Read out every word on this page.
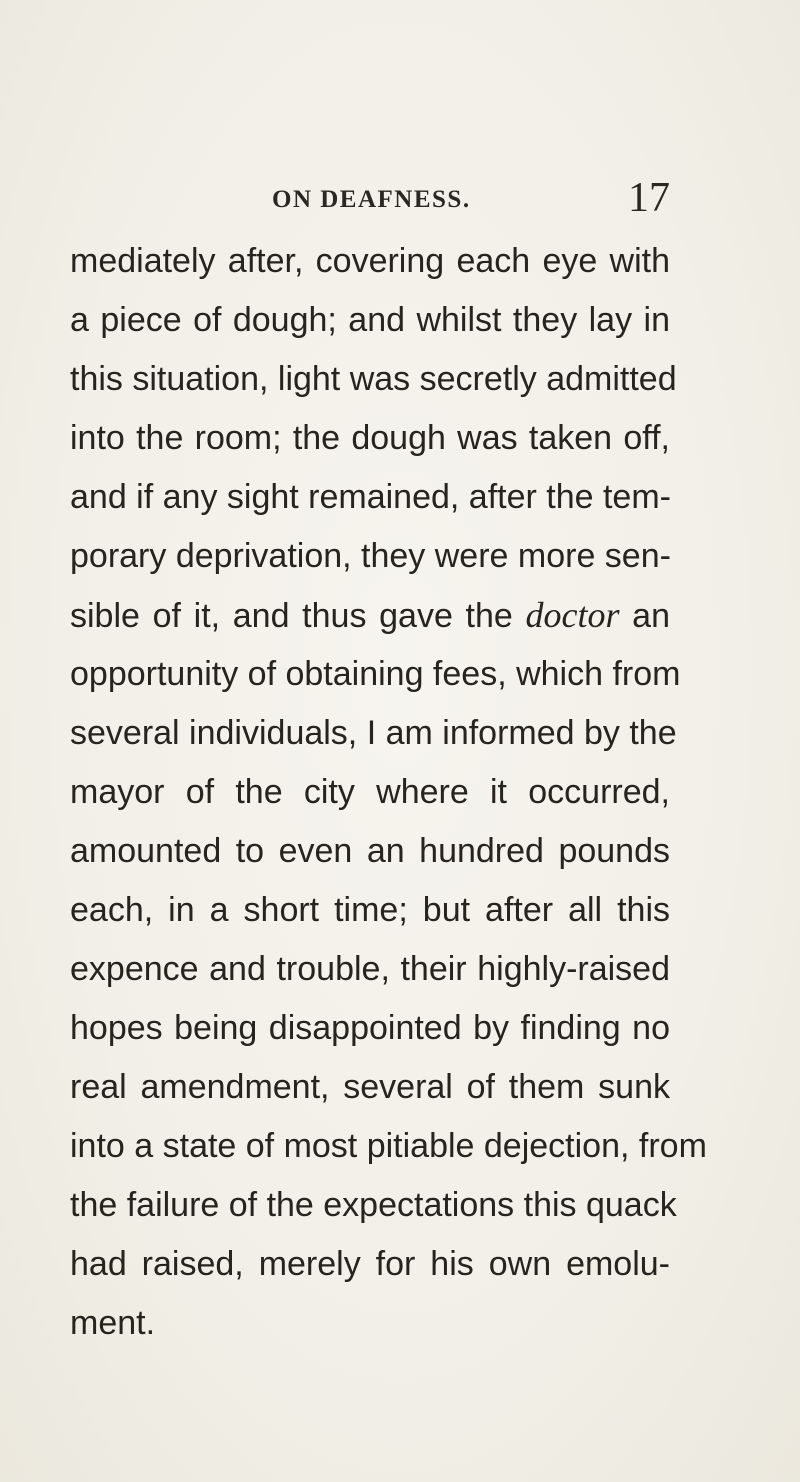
ON DEAFNESS.	17
mediately after, covering each eye with
a piece of dough; and whilst they lay in
this situation, light was secretly admitted
into the room; the dough was taken off,
and if any sight remained, after the tem-
porary deprivation, they were more sen-
sible of it, and thus gave the doctor an
opportunity of obtaining fees, which from
several individuals, I am informed by the
mayor of the city where it occurred,
amounted to even an hundred pounds
each, in a short time; but after all this
expence and trouble, their highly-raised
hopes being disappointed by finding no
real amendment, several of them sunk
into a state of most pitiable dejection, from
the failure of the expectations this quack
had raised, merely for his own emolu-
ment.
